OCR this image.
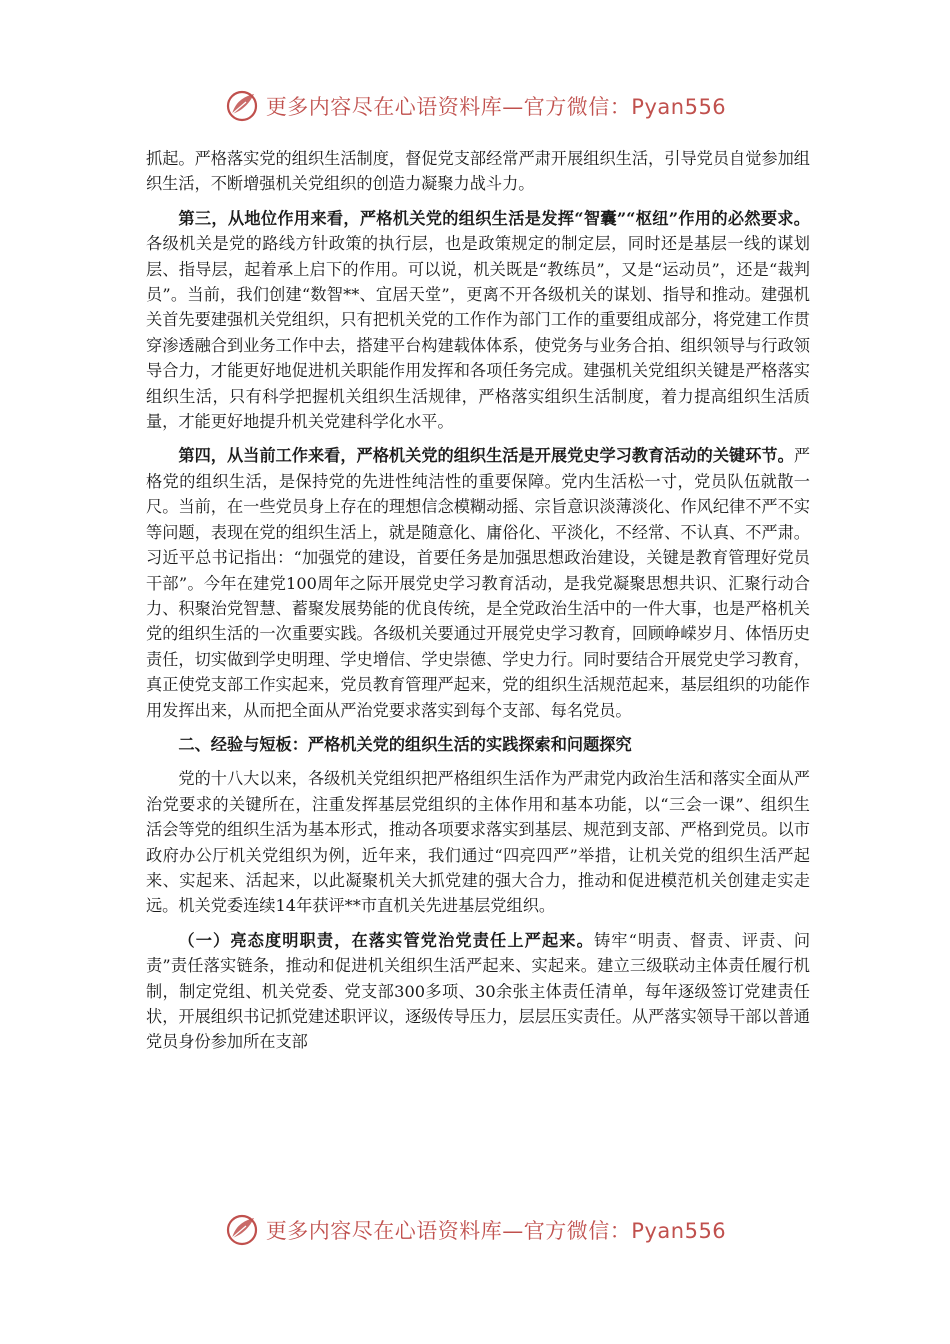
更多内容尽在心语资料库—官方微信：Pyan556

抓起。严格落实党的组织生活制度，督促党支部经常严肃开展组织生活，引导党员自觉参加组织生活，不断增强机关党组织的创造力凝聚力战斗力。

第三，从地位作用来看，严格机关党的组织生活是发挥“智囊”“枢纽”作用的必然要求。各级机关是党的路线方针政策的执行层，也是政策规定的制定层，同时还是基层一线的谋划层、指导层，起着承上启下的作用。可以说，机关既是“教练员”，又是“运动员”，还是“裁判员”。当前，我们创建“数智**、宜居天堂”，更离不开各级机关的谋划、指导和推动。建强机关首先要建强机关党组织，只有把机关党的工作作为部门工作的重要组成部分，将党建工作贯穿渗透融合到业务工作中去，搭建平台构建载体体系，使党务与业务合拍、组织领导与行政领导合力，才能更好地促进机关职能作用发挥和各项任务完成。建强机关党组织关键是严格落实组织生活，只有科学把握机关组织生活规律，严格落实组织生活制度，着力提高组织生活质量，才能更好地提升机关党建科学化水平。

第四，从当前工作来看，严格机关党的组织生活是开展党史学习教育活动的关键环节。严格党的组织生活，是保持党的先进性纯洁性的重要保障。党内生活松一寸，党员队伍就散一尺。当前，在一些党员身上存在的理想信念模糊动摇、宗旨意识淡薄淡化、作风纪律不严不实等问题，表现在党的组织生活上，就是随意化、庸俗化、平淡化，不经常、不认真、不严肃。习近平总书记指出：“加强党的建设，首要任务是加强思想政治建设，关键是教育管理好党员干部”。今年在建党100周年之际开展党史学习教育活动，是我党凝聚思想共识、汇聚行动合力、积聚治党智慧、蓄聚发展势能的优良传统，是全党政治生活中的一件大事，也是严格机关党的组织生活的一次重要实践。各级机关要通过开展党史学习教育，回顾峥嵘岁月、体悟历史责任，切实做到学史明理、学史增信、学史崇德、学史力行。同时要结合开展党史学习教育，真正使党支部工作实起来，党员教育管理严起来，党的组织生活规范起来，基层组织的功能作用发挥出来，从而把全面从严治党要求落实到每个支部、每名党员。

二、经验与短板：严格机关党的组织生活的实践探索和问题探究

党的十八大以来，各级机关党组织把严格组织生活作为严肃党内政治生活和落实全面从严治党要求的关键所在，注重发挥基层党组织的主体作用和基本功能，以“三会一课”、组织生活会等党的组织生活为基本形式，推动各项要求落实到基层、规范到支部、严格到党员。以市政府办公厅机关党组织为例，近年来，我们通过“四亮四严”举措，让机关党的组织生活严起来、实起来、活起来，以此凝聚机关大抓党建的强大合力，推动和促进模范机关创建走实走远。机关党委连续14年获评**市直机关先进基层党组织。

（一）亮态度明职责，在落实管党治党责任上严起来。铸牢“明责、督责、评责、问责”责任落实链条，推动和促进机关组织生活严起来、实起来。建立三级联动主体责任履行机制，制定党组、机关党委、党支部300多项、30余张主体责任清单，每年逐级签订党建责任状，开展组织书记抓党建述职评议，逐级传导压力，层层压实责任。从严落实领导干部以普通党员身份参加所在支部

更多内容尽在心语资料库—官方微信：Pyan556
